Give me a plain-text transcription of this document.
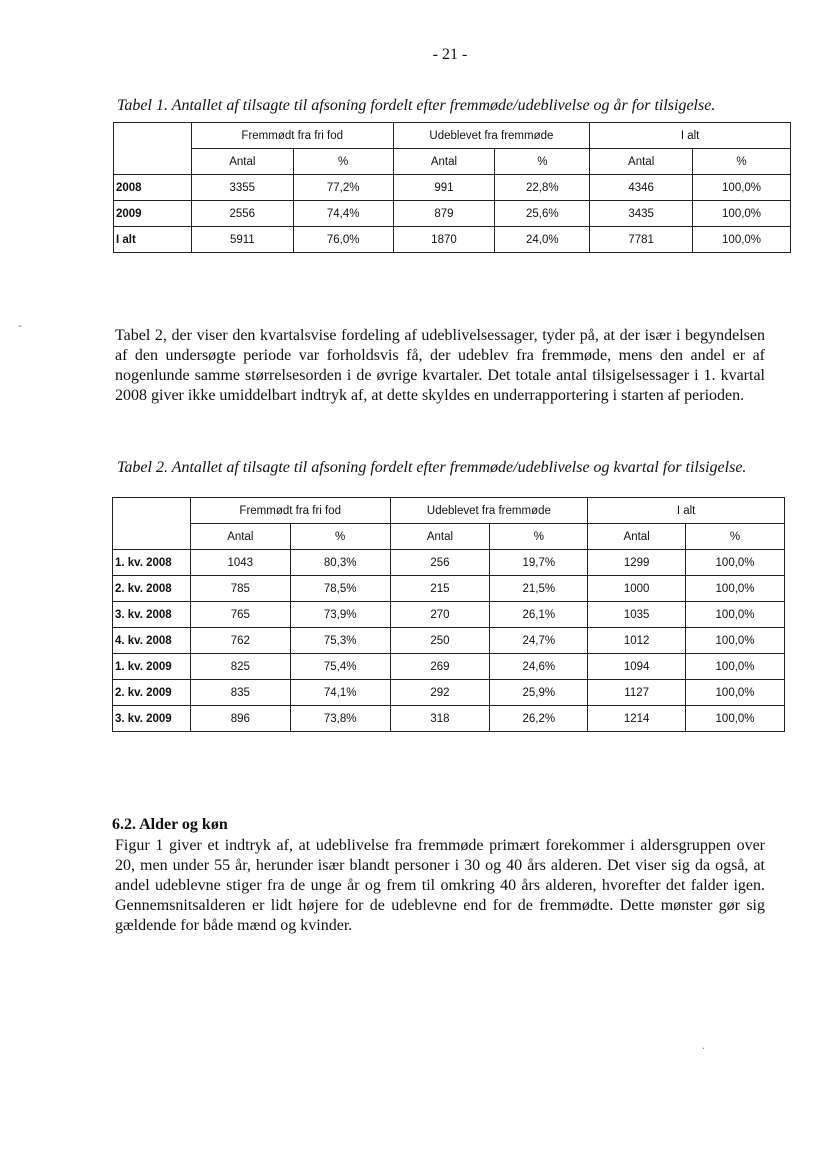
- 21 -
Tabel 1. Antallet af tilsagte til afsoning fordelt efter fremmøde/udeblivelse og år for tilsigelse.
	Fremmødt fra fri fod		Udeblevet fra fremmøde		I alt	
	Antal	%	Antal	%	Antal	%
2008	3355	77,2%	991	22,8%	4346	100,0%
2009	2556	74,4%	879	25,6%	3435	100,0%
I alt	5911	76,0%	1870	24,0%	7781	100,0%
-
Tabel 2, der viser den kvartalsvise fordeling af udeblivelsessager, tyder på, at der især i begyndelsen af den undersøgte periode var forholdsvis få, der udeblev fra fremmøde, mens den andel er af nogenlunde samme størrelsesorden i de øvrige kvartaler. Det totale antal tilsigelsessager i 1. kvartal 2008 giver ikke umiddelbart indtryk af, at dette skyldes en underrapportering i starten af perioden.
Tabel 2. Antallet af tilsagte til afsoning fordelt efter fremmøde/udeblivelse og kvartal for tilsigelse.
	Fremmødt fra fri fod		Udeblevet fra fremmøde		I alt	
	Antal	%	Antal	%	Antal	%
1. kv. 2008	1043	80,3%	256	19,7%	1299	100,0%
2. kv. 2008	785	78,5%	215	21,5%	1000	100,0%
3. kv. 2008	765	73,9%	270	26,1%	1035	100,0%
4. kv. 2008	762	75,3%	250	24,7%	1012	100,0%
1. kv. 2009	825	75,4%	269	24,6%	1094	100,0%
2. kv. 2009	835	74,1%	292	25,9%	1127	100,0%
3. kv. 2009	896	73,8%	318	26,2%	1214	100,0%
6.2. Alder og køn
Figur 1 giver et indtryk af, at udeblivelse fra fremmøde primært forekommer i aldersgruppen over 20, men under 55 år, herunder især blandt personer i 30 og 40 års alderen. Det viser sig da også, at andel udeblevne stiger fra de unge år og frem til omkring 40 års alderen, hvorefter det falder igen. Gennemsnitsalderen er lidt højere for de udeblevne end for de fremmødte. Dette mønster gør sig gældende for både mænd og kvinder.
.
